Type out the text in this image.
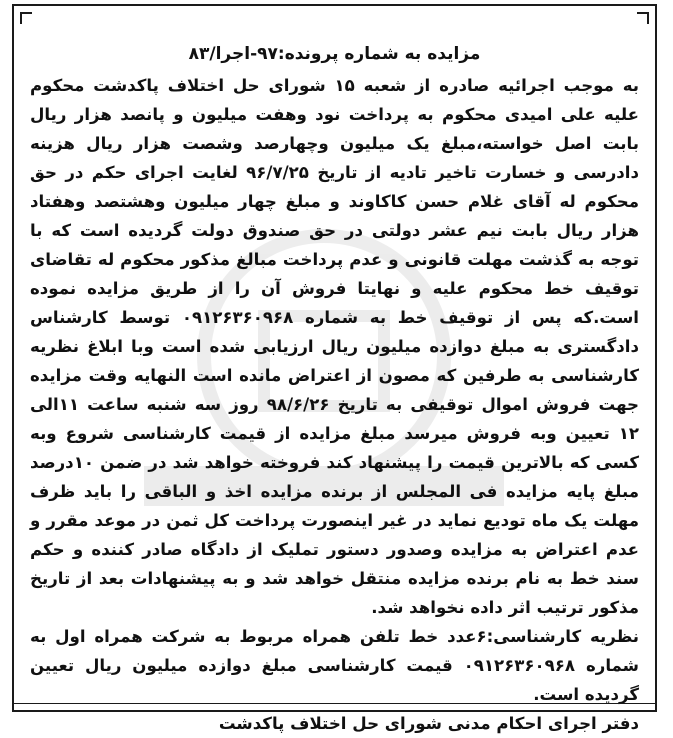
مزایده به شماره پرونده:۹۷-اجرا/۸۳

به موجب اجرائیه صادره از شعبه ۱۵ شورای حل اختلاف پاکدشت محکوم علیه علی امیدی محکوم به پرداخت نود وهفت میلیون و پانصد هزار ریال بابت اصل خواسته،مبلغ یک میلیون وچهارصد وشصت هزار ریال هزینه دادرسی و خسارت تاخیر تادیه از تاریخ ۹۶/۷/۲۵ لغایت اجرای حکم در حق محکوم له آقای غلام حسن کاکاوند و مبلغ چهار میلیون وهشتصد وهفتاد هزار ریال بابت نیم عشر دولتی در حق صندوق دولت گردیده است که با توجه به گذشت مهلت قانونی و عدم پرداخت مبالغ مذکور محکوم له تقاضای توقیف خط محکوم علیه و نهایتا فروش آن را از طریق مزایده نموده است.که پس از توقیف خط به شماره ۰۹۱۲۶۳۶۰۹۶۸ توسط کارشناس دادگستری به مبلغ دوازده میلیون ریال ارزیابی شده است وبا ابلاغ نظریه کارشناسی به طرفین که مصون از اعتراض مانده است النهایه وقت مزایده جهت فروش اموال توقیفی به تاریخ ۹۸/۶/۲۶ روز سه شنبه ساعت ۱۱الی ۱۲ تعیین وبه فروش میرسد مبلغ مزایده از قیمت کارشناسی شروع وبه کسی که بالاترین قیمت را پیشنهاد کند فروخته خواهد شد در ضمن ۱۰درصد مبلغ پایه مزایده فی المجلس از برنده مزایده اخذ و الباقی را باید ظرف مهلت یک ماه تودیع نماید در غیر اینصورت پرداخت کل ثمن در موعد مقرر و عدم اعتراض به مزایده وصدور دستور تملیک از دادگاه صادر کننده و حکم سند خط به نام برنده مزایده منتقل خواهد شد و به پیشنهادات بعد از تاریخ مذکور ترتیب اثر داده نخواهد شد.

نظریه کارشناسی:۶عدد خط تلفن همراه مربوط به شرکت همراه اول به شماره ۰۹۱۲۶۳۶۰۹۶۸ قیمت کارشناسی مبلغ دوازده میلیون ریال تعیین گردیده است.

دفتر اجرای احکام مدنی شورای حل اختلاف پاکدشت
